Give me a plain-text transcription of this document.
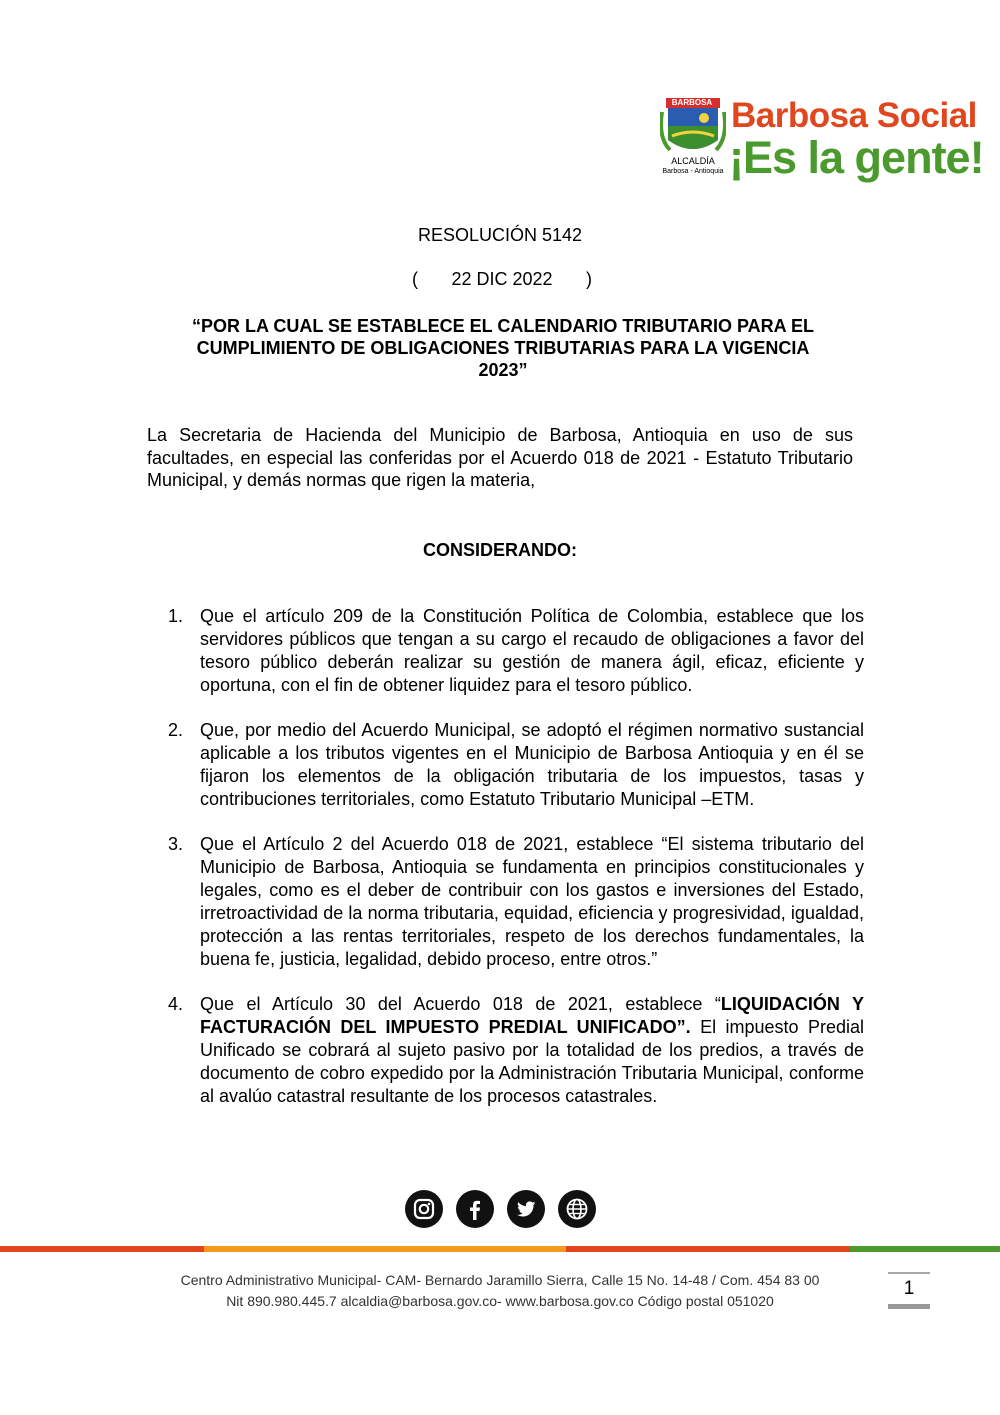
BARBOSA
ALCALDÍA
Barbosa - Antioquia
Barbosa Social
¡Es la gente!
RESOLUCIÓN 5142
( 22 DIC 2022 )
“POR LA CUAL SE ESTABLECE EL CALENDARIO TRIBUTARIO PARA EL CUMPLIMIENTO DE OBLIGACIONES TRIBUTARIAS PARA LA VIGENCIA 2023”
La Secretaria de Hacienda del Municipio de Barbosa, Antioquia en uso de sus facultades, en especial las conferidas por el Acuerdo 018 de 2021 - Estatuto Tributario Municipal, y demás normas que rigen la materia,
CONSIDERANDO:
1. Que el artículo 209 de la Constitución Política de Colombia, establece que los servidores públicos que tengan a su cargo el recaudo de obligaciones a favor del tesoro público deberán realizar su gestión de manera ágil, eficaz, eficiente y oportuna, con el fin de obtener liquidez para el tesoro público.
2. Que, por medio del Acuerdo Municipal, se adoptó el régimen normativo sustancial aplicable a los tributos vigentes en el Municipio de Barbosa Antioquia y en él se fijaron los elementos de la obligación tributaria de los impuestos, tasas y contribuciones territoriales, como Estatuto Tributario Municipal –ETM.
3. Que el Artículo 2 del Acuerdo 018 de 2021, establece “El sistema tributario del Municipio de Barbosa, Antioquia se fundamenta en principios constitucionales y legales, como es el deber de contribuir con los gastos e inversiones del Estado, irretroactividad de la norma tributaria, equidad, eficiencia y progresividad, igualdad, protección a las rentas territoriales, respeto de los derechos fundamentales, la buena fe, justicia, legalidad, debido proceso, entre otros.”
4. Que el Artículo 30 del Acuerdo 018 de 2021, establece “LIQUIDACIÓN Y FACTURACIÓN DEL IMPUESTO PREDIAL UNIFICADO”. El impuesto Predial Unificado se cobrará al sujeto pasivo por la totalidad de los predios, a través de documento de cobro expedido por la Administración Tributaria Municipal, conforme al avalúo catastral resultante de los procesos catastrales.
Centro Administrativo Municipal- CAM- Bernardo Jaramillo Sierra, Calle 15 No. 14-48 / Com. 454 83 00
Nit 890.980.445.7 alcaldia@barbosa.gov.co- www.barbosa.gov.co Código postal 051020
1
